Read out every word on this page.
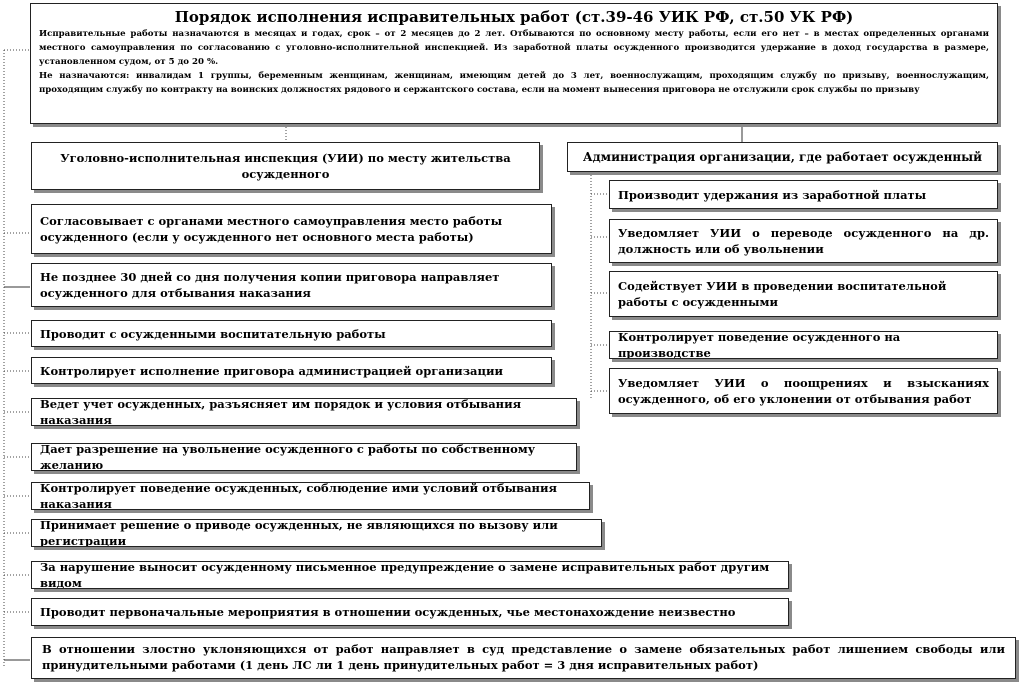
Порядок исполнения исправительных работ (ст.39-46 УИК РФ, ст.50 УК РФ)
Исправительные работы назначаются в месяцах и годах, срок – от 2 месяцев до 2 лет. Отбываются по основному месту работы, если его нет – в местах определенных органами местного самоуправления по согласованию с уголовно-исполнительной инспекцией. Из заработной платы осужденного производится удержание в доход государства в размере, установленном судом, от 5 до 20 %.
Не назначаются: инвалидам 1 группы, беременным женщинам, женщинам, имеющим детей до 3 лет, военнослужащим, проходящим службу по призыву, военнослужащим, проходящим службу по контракту на воинских должностях рядового и сержантского состава, если на момент вынесения приговора не отслужили срок службы по призыву
Уголовно-исполнительная инспекция (УИИ) по месту жительства осужденного
Администрация организации, где работает осужденный
Согласовывает с органами местного самоуправления место работы осужденного (если у осужденного нет основного места работы)
Не позднее 30 дней со дня получения копии приговора направляет осужденного для отбывания наказания
Проводит с осужденными воспитательную работы
Контролирует исполнение приговора администрацией организации
Ведет учет осужденных, разъясняет им порядок и условия отбывания наказания
Дает разрешение на увольнение осужденного с работы по собственному желанию
Контролирует поведение осужденных, соблюдение ими условий отбывания наказания
Принимает решение о приводе осужденных, не являющихся по вызову или регистрации
За нарушение выносит осужденному письменное предупреждение о замене исправительных работ другим видом
Проводит первоначальные мероприятия в отношении осужденных, чье местонахождение неизвестно
В отношении злостно уклоняющихся от работ направляет в суд представление о замене обязательных работ лишением свободы или принудительными работами (1 день ЛС ли 1 день принудительных работ = 3 дня исправительных работ)
Производит удержания из заработной платы
Уведомляет УИИ о переводе осужденного на др. должность или об увольнении
Содействует УИИ в проведении воспитательной работы с осужденными
Контролирует поведение осужденного на производстве
Уведомляет УИИ о поощрениях и взысканиях осужденного, об его уклонении от отбывания работ
